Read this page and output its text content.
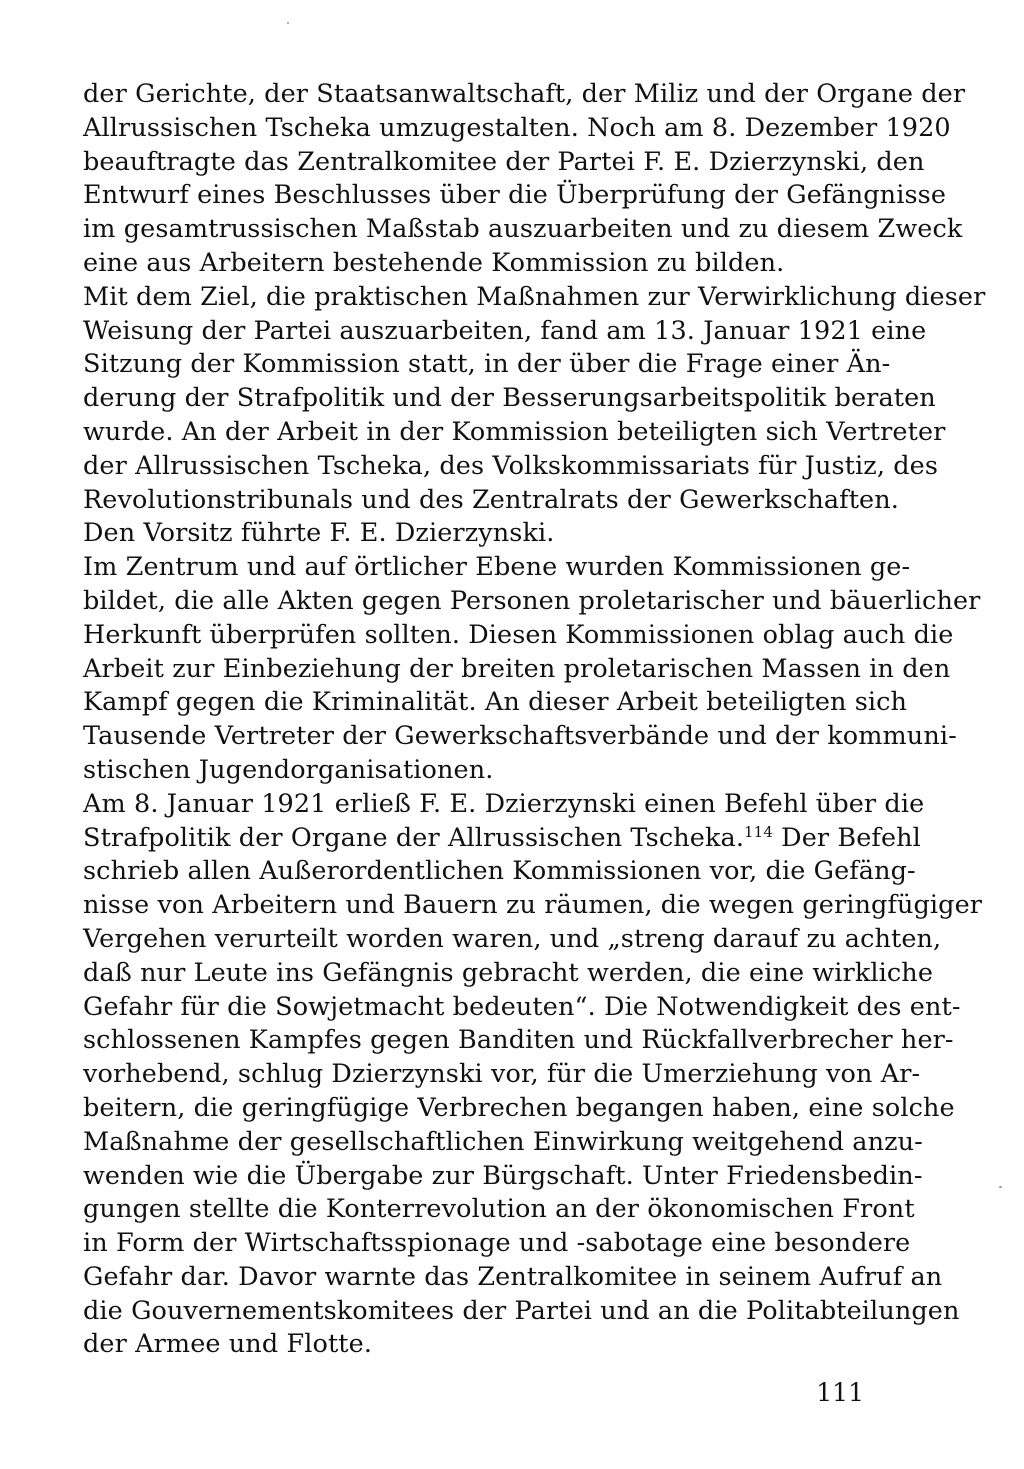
der Gerichte, der Staatsanwaltschaft, der Miliz und der Organe der
Allrussischen Tscheka umzugestalten. Noch am 8. Dezember 1920
beauftragte das Zentralkomitee der Partei F. E. Dzierzynski, den
Entwurf eines Beschlusses über die Überprüfung der Gefängnisse
im gesamtrussischen Maßstab auszuarbeiten und zu diesem Zweck
eine aus Arbeitern bestehende Kommission zu bilden.
Mit dem Ziel, die praktischen Maßnahmen zur Verwirklichung dieser
Weisung der Partei auszuarbeiten, fand am 13. Januar 1921 eine
Sitzung der Kommission statt, in der über die Frage einer Än-
derung der Strafpolitik und der Besserungsarbeitspolitik beraten
wurde. An der Arbeit in der Kommission beteiligten sich Vertreter
der Allrussischen Tscheka, des Volkskommissariats für Justiz, des
Revolutionstribunals und des Zentralrats der Gewerkschaften.
Den Vorsitz führte F. E. Dzierzynski.
Im Zentrum und auf örtlicher Ebene wurden Kommissionen ge-
bildet, die alle Akten gegen Personen proletarischer und bäuerlicher
Herkunft überprüfen sollten. Diesen Kommissionen oblag auch die
Arbeit zur Einbeziehung der breiten proletarischen Massen in den
Kampf gegen die Kriminalität. An dieser Arbeit beteiligten sich
Tausende Vertreter der Gewerkschaftsverbände und der kommuni-
stischen Jugendorganisationen.
Am 8. Januar 1921 erließ F. E. Dzierzynski einen Befehl über die
Strafpolitik der Organe der Allrussischen Tscheka.$^{114}$ Der Befehl
schrieb allen Außerordentlichen Kommissionen vor, die Gefäng-
nisse von Arbeitern und Bauern zu räumen, die wegen geringfügiger
Vergehen verurteilt worden waren, und „streng darauf zu achten,
daß nur Leute ins Gefängnis gebracht werden, die eine wirkliche
Gefahr für die Sowjetmacht bedeuten“. Die Notwendigkeit des ent-
schlossenen Kampfes gegen Banditen und Rückfallverbrecher her-
vorhebend, schlug Dzierzynski vor, für die Umerziehung von Ar-
beitern, die geringfügige Verbrechen begangen haben, eine solche
Maßnahme der gesellschaftlichen Einwirkung weitgehend anzu-
wenden wie die Übergabe zur Bürgschaft. Unter Friedensbedin-
gungen stellte die Konterrevolution an der ökonomischen Front
in Form der Wirtschaftsspionage und -sabotage eine besondere
Gefahr dar. Davor warnte das Zentralkomitee in seinem Aufruf an
die Gouvernementskomitees der Partei und an die Politabteilungen
der Armee und Flotte.
111
